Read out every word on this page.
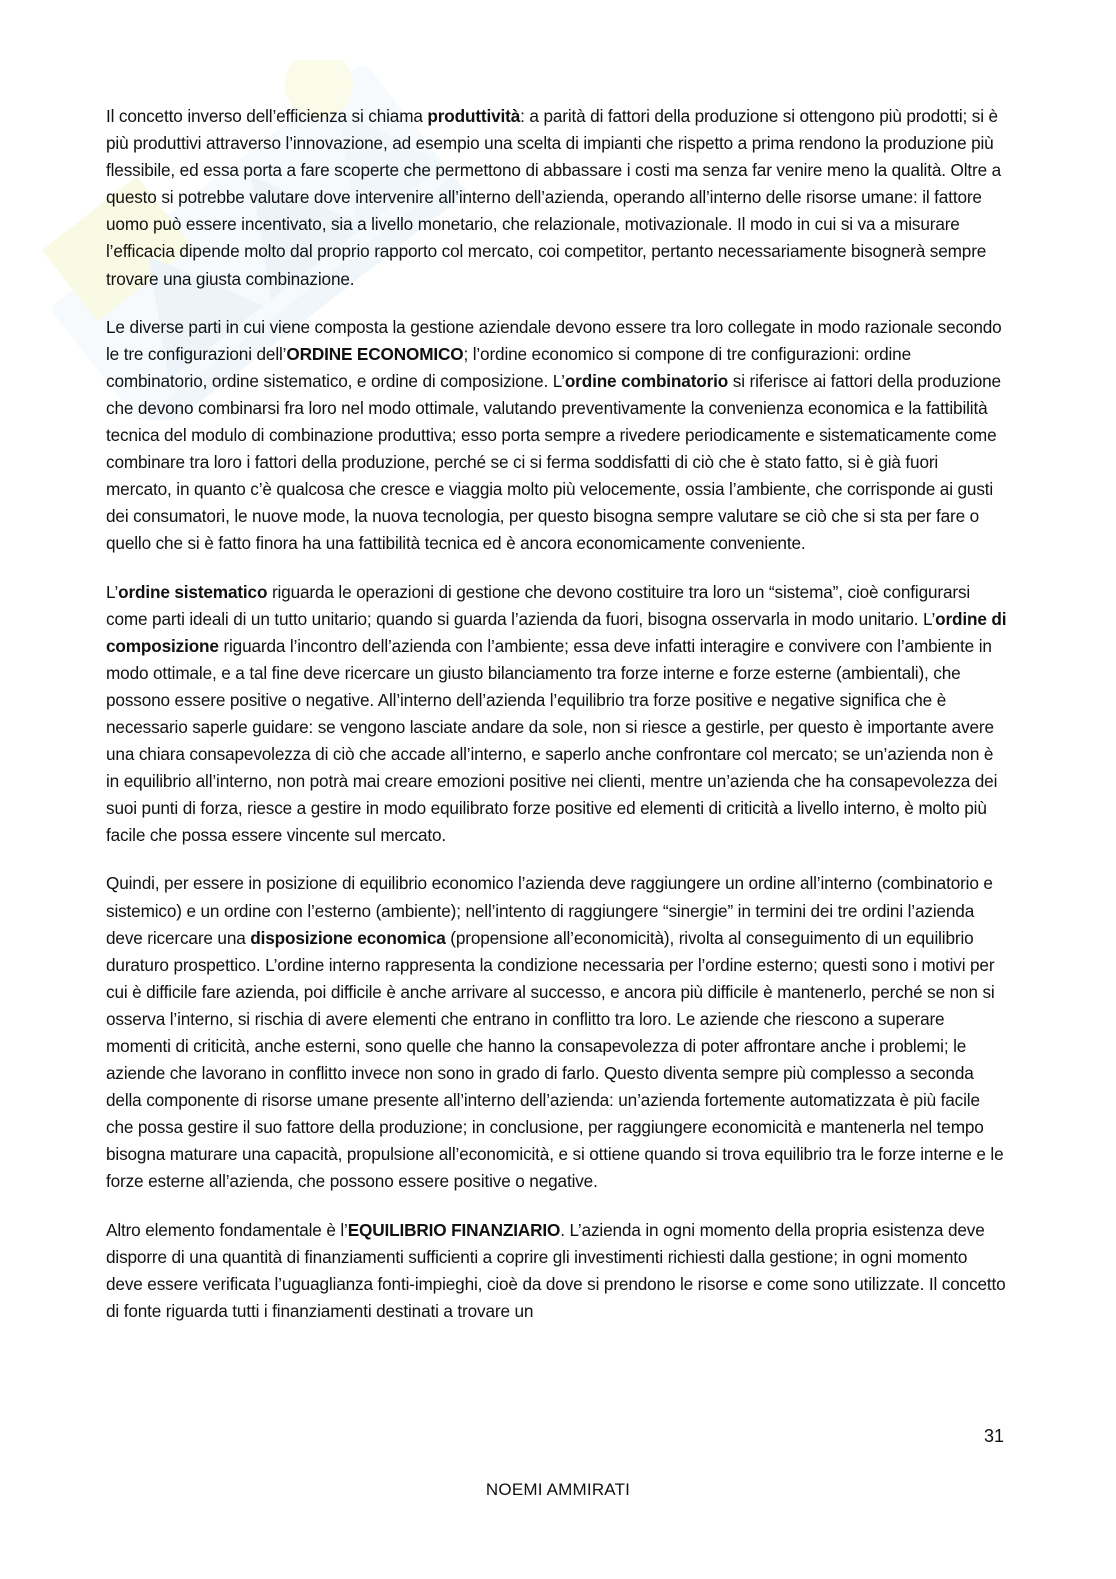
Il concetto inverso dell’efficienza si chiama produttività: a parità di fattori della produzione si ottengono più prodotti; si è più produttivi attraverso l’innovazione, ad esempio una scelta di impianti che rispetto a prima rendono la produzione più flessibile, ed essa porta a fare scoperte che permettono di abbassare i costi ma senza far venire meno la qualità. Oltre a questo si potrebbe valutare dove intervenire all’interno dell’azienda, operando all’interno delle risorse umane: il fattore uomo può essere incentivato, sia a livello monetario, che relazionale, motivazionale. Il modo in cui si va a misurare l’efficacia dipende molto dal proprio rapporto col mercato, coi competitor, pertanto necessariamente bisognerà sempre trovare una giusta combinazione.

Le diverse parti in cui viene composta la gestione aziendale devono essere tra loro collegate in modo razionale secondo le tre configurazioni dell’ORDINE ECONOMICO; l’ordine economico si compone di tre configurazioni: ordine combinatorio, ordine sistematico, e ordine di composizione. L’ordine combinatorio si riferisce ai fattori della produzione che devono combinarsi fra loro nel modo ottimale, valutando preventivamente la convenienza economica e la fattibilità tecnica del modulo di combinazione produttiva; esso porta sempre a rivedere periodicamente e sistematicamente come combinare tra loro i fattori della produzione, perché se ci si ferma soddisfatti di ciò che è stato fatto, si è già fuori mercato, in quanto c’è qualcosa che cresce e viaggia molto più velocemente, ossia l’ambiente, che corrisponde ai gusti dei consumatori, le nuove mode, la nuova tecnologia, per questo bisogna sempre valutare se ciò che si sta per fare o quello che si è fatto finora ha una fattibilità tecnica ed è ancora economicamente conveniente.

L’ordine sistematico riguarda le operazioni di gestione che devono costituire tra loro un “sistema”, cioè configurarsi come parti ideali di un tutto unitario; quando si guarda l’azienda da fuori, bisogna osservarla in modo unitario. L’ordine di composizione riguarda l’incontro dell’azienda con l’ambiente; essa deve infatti interagire e convivere con l’ambiente in modo ottimale, e a tal fine deve ricercare un giusto bilanciamento tra forze interne e forze esterne (ambientali), che possono essere positive o negative. All’interno dell’azienda l’equilibrio tra forze positive e negative significa che è necessario saperle guidare: se vengono lasciate andare da sole, non si riesce a gestirle, per questo è importante avere una chiara consapevolezza di ciò che accade all’interno, e saperlo anche confrontare col mercato; se un’azienda non è in equilibrio all’interno, non potrà mai creare emozioni positive nei clienti, mentre un’azienda che ha consapevolezza dei suoi punti di forza, riesce a gestire in modo equilibrato forze positive ed elementi di criticità a livello interno, è molto più facile che possa essere vincente sul mercato.

Quindi, per essere in posizione di equilibrio economico l’azienda deve raggiungere un ordine all’interno (combinatorio e sistemico) e un ordine con l’esterno (ambiente); nell’intento di raggiungere “sinergie” in termini dei tre ordini l’azienda deve ricercare una disposizione economica (propensione all’economicità), rivolta al conseguimento di un equilibrio duraturo prospettico. L’ordine interno rappresenta la condizione necessaria per l’ordine esterno; questi sono i motivi per cui è difficile fare azienda, poi difficile è anche arrivare al successo, e ancora più difficile è mantenerlo, perché se non si osserva l’interno, si rischia di avere elementi che entrano in conflitto tra loro. Le aziende che riescono a superare momenti di criticità, anche esterni, sono quelle che hanno la consapevolezza di poter affrontare anche i problemi; le aziende che lavorano in conflitto invece non sono in grado di farlo. Questo diventa sempre più complesso a seconda della componente di risorse umane presente all’interno dell’azienda: un’azienda fortemente automatizzata è più facile che possa gestire il suo fattore della produzione; in conclusione, per raggiungere economicità e mantenerla nel tempo bisogna maturare una capacità, propulsione all’economicità, e si ottiene quando si trova equilibrio tra le forze interne e le forze esterne all’azienda, che possono essere positive o negative.

Altro elemento fondamentale è l’EQUILIBRIO FINANZIARIO. L’azienda in ogni momento della propria esistenza deve disporre di una quantità di finanziamenti sufficienti a coprire gli investimenti richiesti dalla gestione; in ogni momento deve essere verificata l’uguaglianza fonti-impieghi, cioè da dove si prendono le risorse e come sono utilizzate. Il concetto di fonte riguarda tutti i finanziamenti destinati a trovare un

31
NOEMI AMMIRATI
